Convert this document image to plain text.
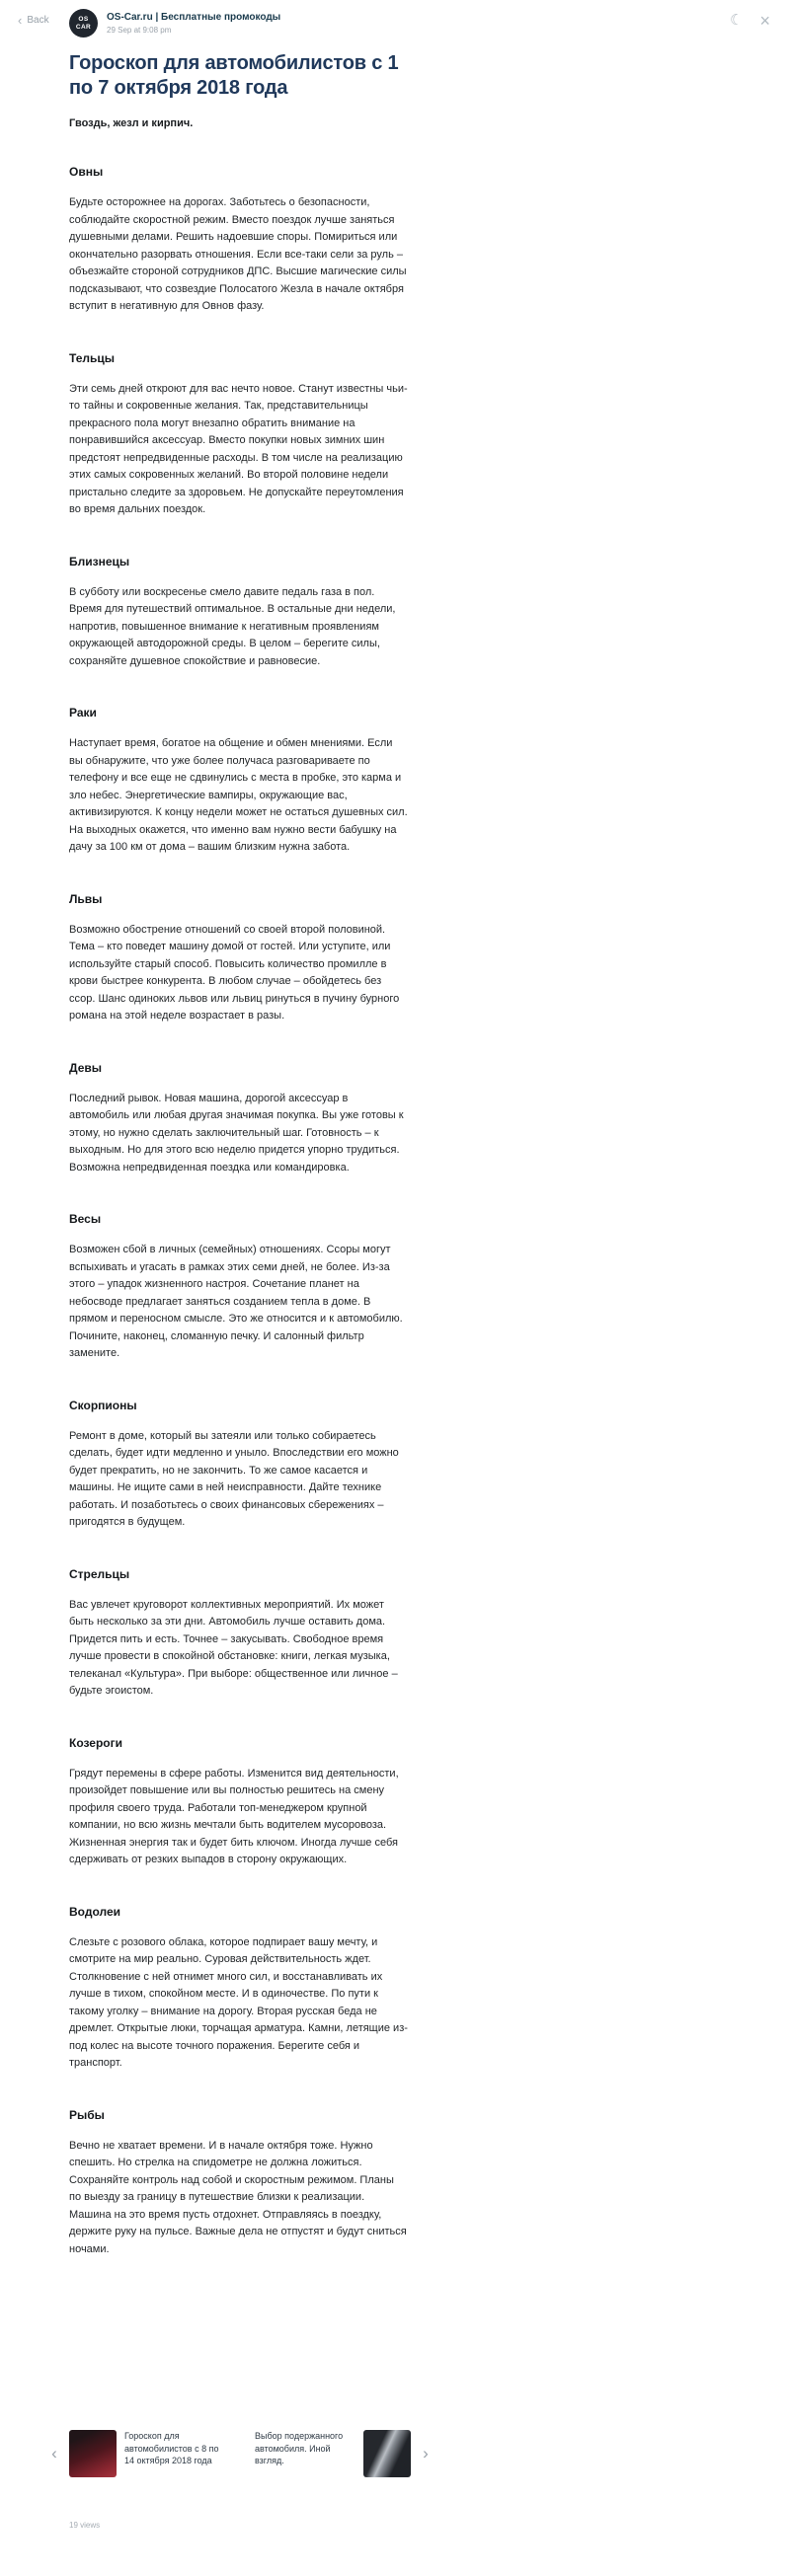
‹ Back	OS
CAR
OS-Car.ru | Бесплатные промокоды
29 Sep at 9:08 pm
☾ ×
Гороскоп для автомобилистов с 1 по 7 октября 2018 года
Гвоздь, жезл и кирпич.
Овны

Будьте осторожнее на дорогах. Заботьтесь о безопасности, соблюдайте скоростной режим. Вместо поездок лучше заняться душевными делами. Решить надоевшие споры. Помириться или окончательно разорвать отношения. Если все-таки сели за руль – объезжайте стороной сотрудников ДПС. Высшие магические силы подсказывают, что созвездие Полосатого Жезла в начале октября вступит в негативную для Овнов фазу.

Тельцы

Эти семь дней откроют для вас нечто новое. Станут известны чьи-то тайны и сокровенные желания. Так, представительницы прекрасного пола могут внезапно обратить внимание на понравившийся аксессуар. Вместо покупки новых зимних шин предстоят непредвиденные расходы. В том числе на реализацию этих самых сокровенных желаний. Во второй половине недели пристально следите за здоровьем. Не допускайте переутомления во время дальних поездок.

Близнецы

В субботу или воскресенье смело давите педаль газа в пол. Время для путешествий оптимальное. В остальные дни недели, напротив, повышенное внимание к негативным проявлениям окружающей автодорожной среды. В целом – берегите силы, сохраняйте душевное спокойствие и равновесие.

Раки

Наступает время, богатое на общение и обмен мнениями. Если вы обнаружите, что уже более получаса разговариваете по телефону и все еще не сдвинулись с места в пробке, это карма и зло небес. Энергетические вампиры, окружающие вас, активизируются. К концу недели может не остаться душевных сил. На выходных окажется, что именно вам нужно вести бабушку на дачу за 100 км от дома – вашим близким нужна забота.

Львы

Возможно обострение отношений со своей второй половиной. Тема – кто поведет машину домой от гостей. Или уступите, или используйте старый способ. Повысить количество промилле в крови быстрее конкурента. В любом случае – обойдетесь без ссор. Шанс одиноких львов или львиц ринуться в пучину бурного романа на этой неделе возрастает в разы.

Девы

Последний рывок. Новая машина, дорогой аксессуар в автомобиль или любая другая значимая покупка. Вы уже готовы к этому, но нужно сделать заключительный шаг. Готовность – к выходным. Но для этого всю неделю придется упорно трудиться. Возможна непредвиденная поездка или командировка.

Весы

Возможен сбой в личных (семейных) отношениях. Ссоры могут вспыхивать и угасать в рамках этих семи дней, не более. Из-за этого – упадок жизненного настроя. Сочетание планет на небосводе предлагает заняться созданием тепла в доме. В прямом и переносном смысле. Это же относится и к автомобилю. Почините, наконец, сломанную печку. И салонный фильтр замените.

Скорпионы

Ремонт в доме, который вы затеяли или только собираетесь сделать, будет идти медленно и уныло. Впоследствии его можно будет прекратить, но не закончить. То же самое касается и машины. Не ищите сами в ней неисправности. Дайте технике работать. И позаботьтесь о своих финансовых сбережениях – пригодятся в будущем.

Стрельцы

Вас увлечет круговорот коллективных мероприятий. Их может быть несколько за эти дни. Автомобиль лучше оставить дома. Придется пить и есть. Точнее – закусывать. Свободное время лучше провести в спокойной обстановке: книги, легкая музыка, телеканал «Культура». При выборе: общественное или личное – будьте эгоистом.

Козероги

Грядут перемены в сфере работы. Изменится вид деятельности, произойдет повышение или вы полностью решитесь на смену профиля своего труда. Работали топ-менеджером крупной компании, но всю жизнь мечтали быть водителем мусоровоза. Жизненная энергия так и будет бить ключом. Иногда лучше себя сдерживать от резких выпадов в сторону окружающих.

Водолеи

Слезьте с розового облака, которое подпирает вашу мечту, и смотрите на мир реально. Суровая действительность ждет. Столкновение с ней отнимет много сил, и восстанавливать их лучше в тихом, спокойном месте. И в одиночестве. По пути к такому уголку – внимание на дорогу. Вторая русская беда не дремлет. Открытые люки, торчащая арматура. Камни, летящие из-под колес на высоте точного поражения. Берегите себя и транспорт.

Рыбы

Вечно не хватает времени. И в начале октября тоже. Нужно спешить. Но стрелка на спидометре не должна ложиться. Сохраняйте контроль над собой и скоростным режимом. Планы по выезду за границу в путешествие близки к реализации. Машина на это время пусть отдохнет. Отправляясь в поездку, держите руку на пульсе. Важные дела не отпустят и будут сниться ночами.

‹
Гороскоп для автомобилистов с 8 по 14 октября 2018 года
Выбор подержанного автомобиля. Иной взгляд.	›
19 views
